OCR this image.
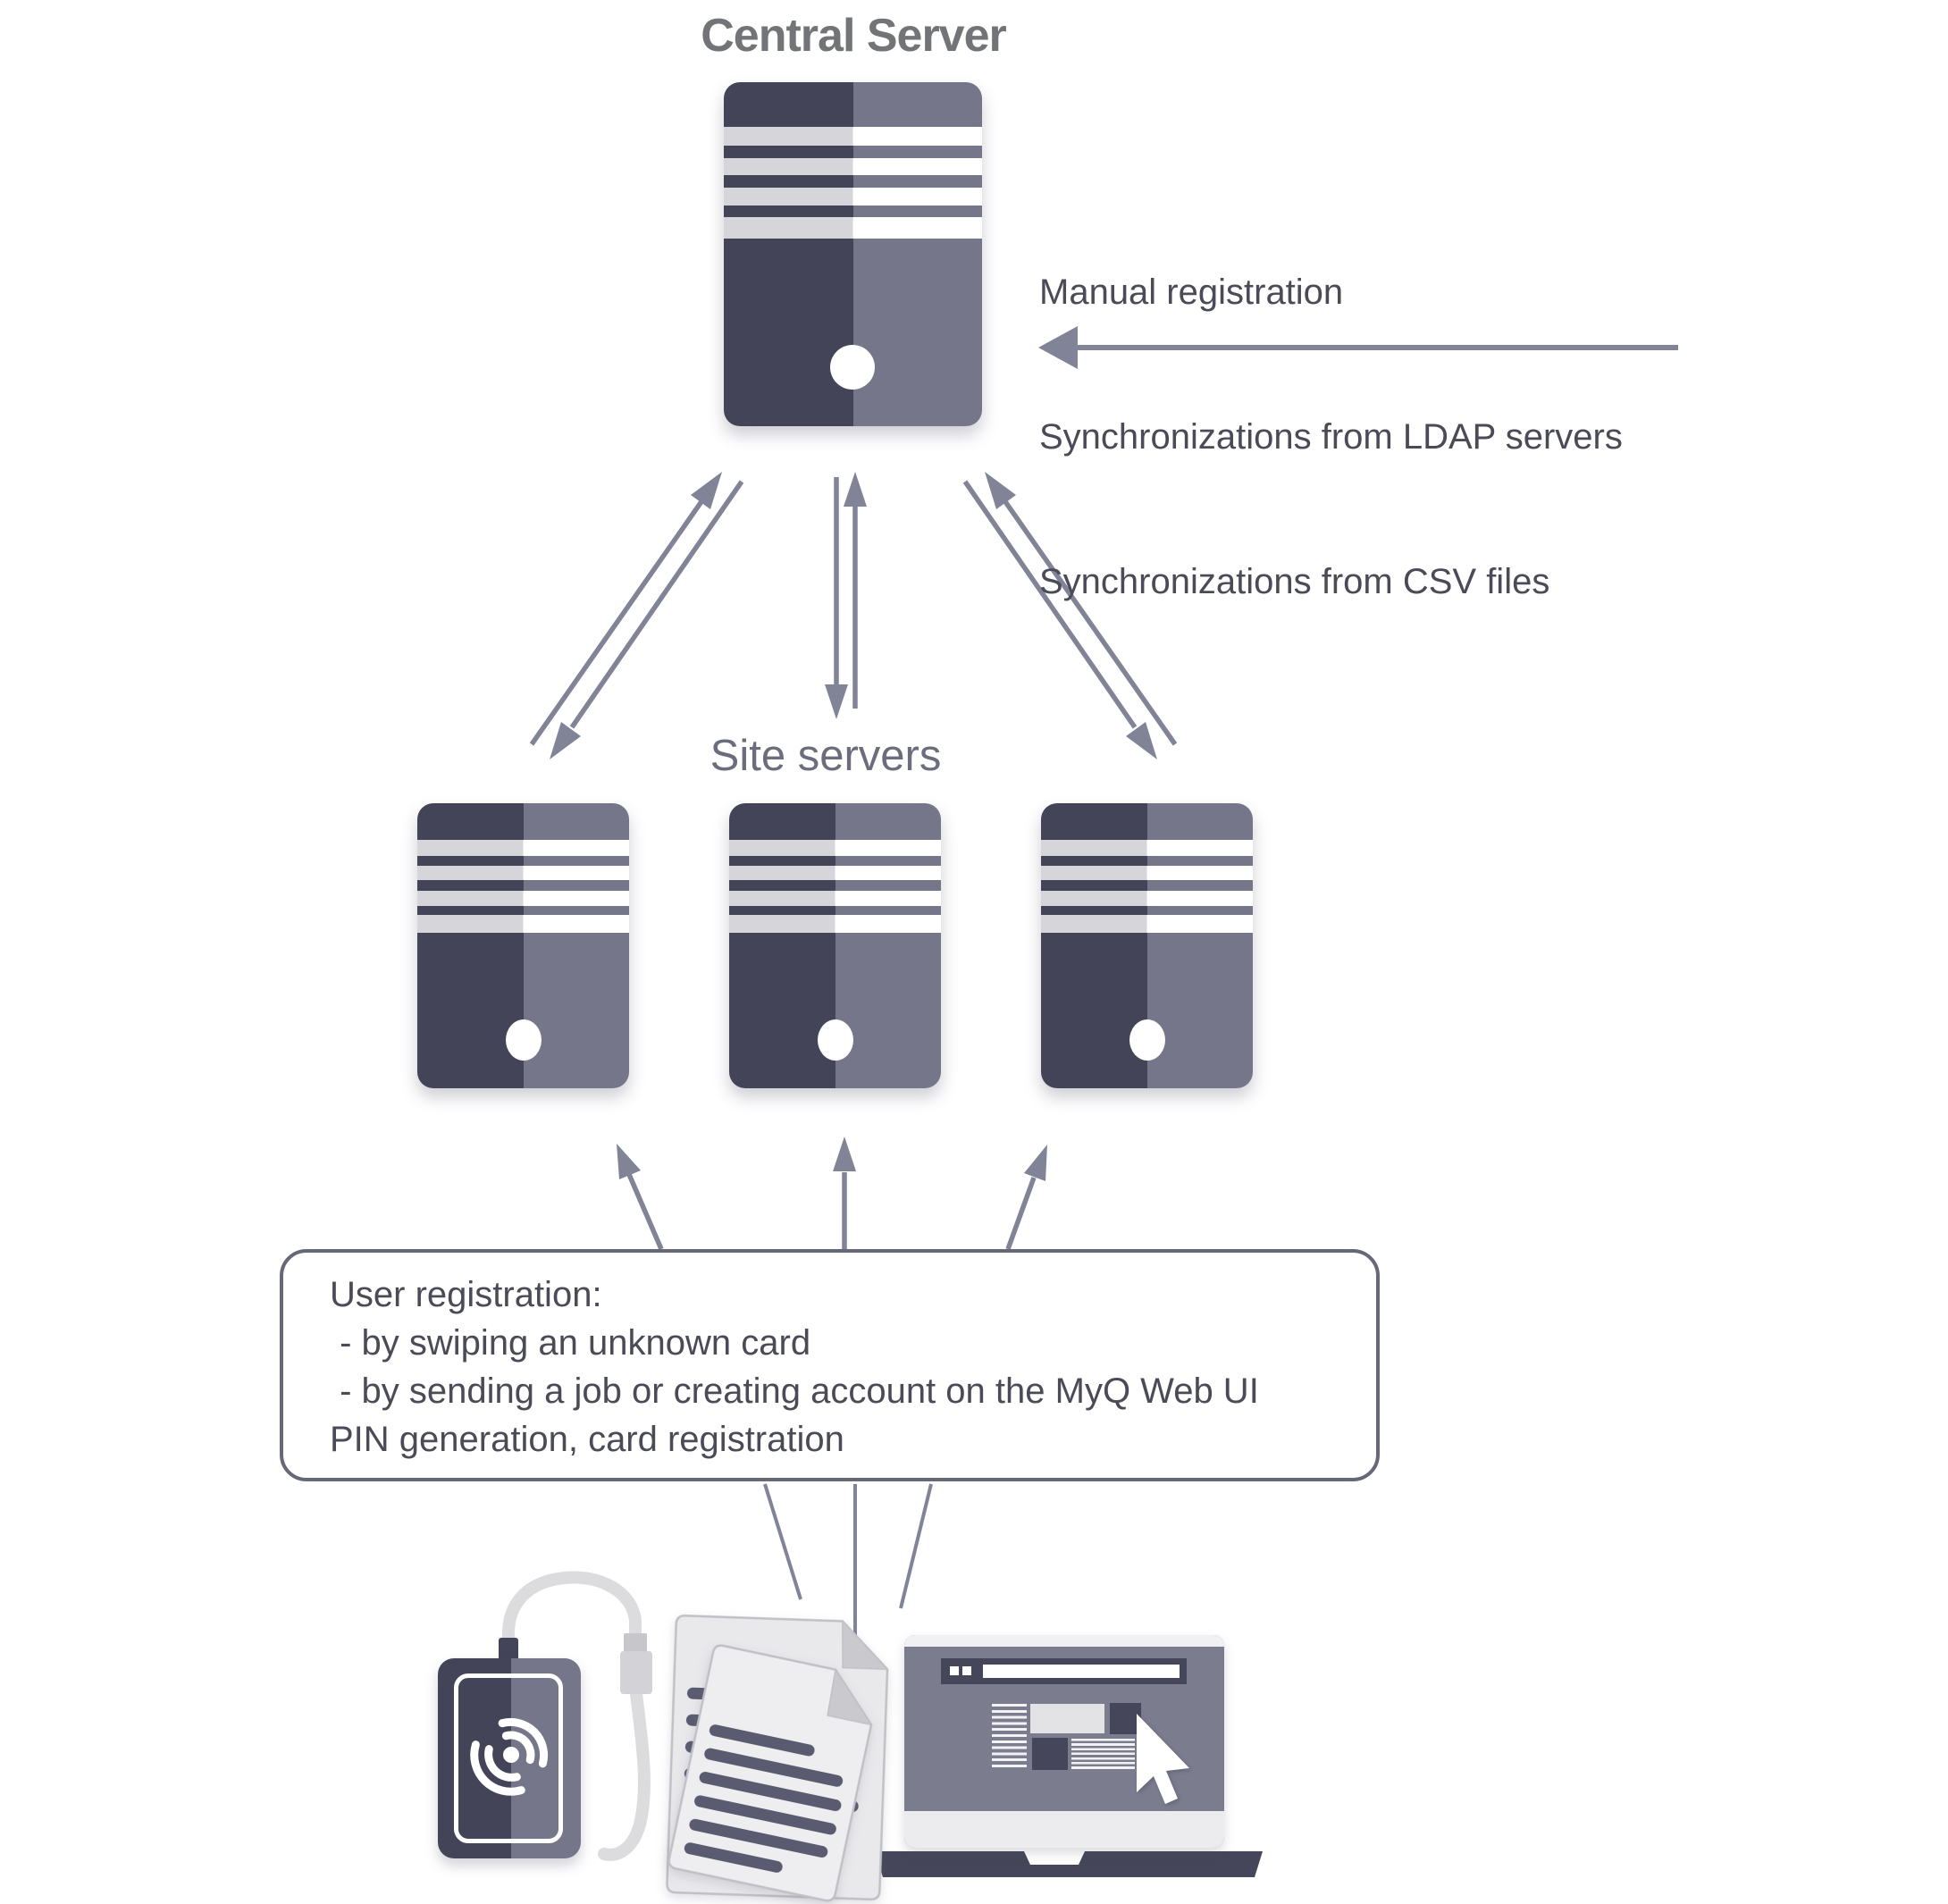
Central Server
Site servers

Manual registration

Synchronizations from LDAP servers

Synchronizations from CSV files

User registration:
- by swiping an unknown card
- by sending a job or creating account on the MyQ Web UI
PIN generation, card registration
